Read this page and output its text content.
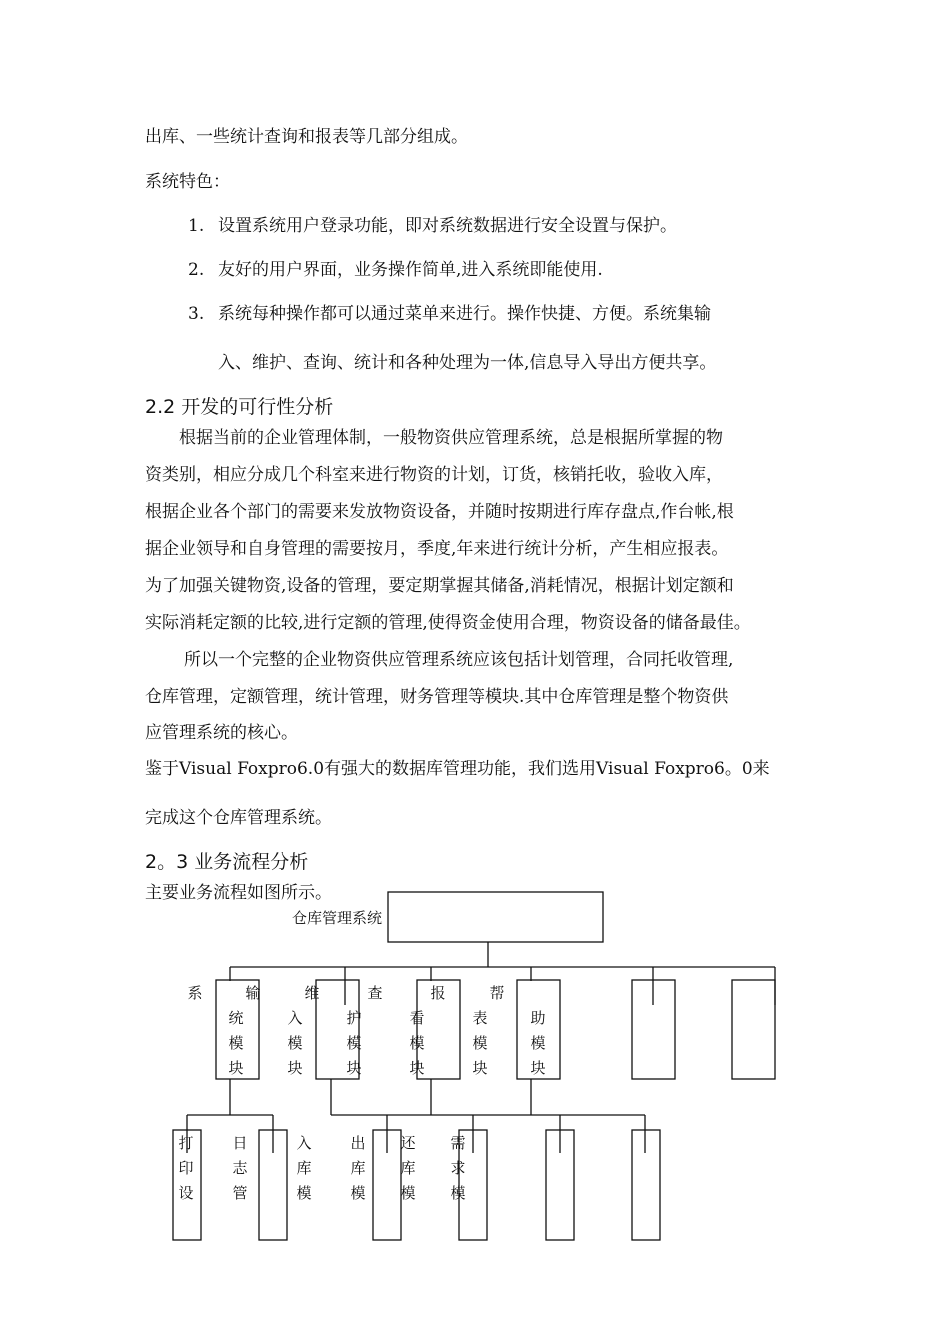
出库、一些统计查询和报表等几部分组成。
系统特色：
1. 设置系统用户登录功能，即对系统数据进行安全设置与保护。
2. 友好的用户界面，业务操作简单,进入系统即能使用.
3. 系统每种操作都可以通过菜单来进行。操作快捷、方便。系统集输
入、维护、查询、统计和各种处理为一体,信息导入导出方便共享。
2.2 开发的可行性分析
根据当前的企业管理体制，一般物资供应管理系统，总是根据所掌握的物
资类别，相应分成几个科室来进行物资的计划，订货，核销托收，验收入库，
根据企业各个部门的需要来发放物资设备，并随时按期进行库存盘点,作台帐,根
据企业领导和自身管理的需要按月，季度,年来进行统计分析，产生相应报表。
为了加强关键物资,设备的管理，要定期掌握其储备,消耗情况，根据计划定额和
实际消耗定额的比较,进行定额的管理,使得资金使用合理，物资设备的储备最佳。
所以一个完整的企业物资供应管理系统应该包括计划管理，合同托收管理,
仓库管理，定额管理，统计管理，财务管理等模块.其中仓库管理是整个物资供
应管理系统的核心。
鉴于Visual Foxpro6.0有强大的数据库管理功能，我们选用Visual Foxpro6。0来
完成这个仓库管理系统。
2。3 业务流程分析
主要业务流程如图所示。
仓库管理系统
系	输	维	查	报	帮
统
模
块
入
模
块
护
模
块
看
模
块
表
模
块
助
模
块
打
印
设
日
志
管
入
库
模
出
库
模
还
库
模
需
求
模
